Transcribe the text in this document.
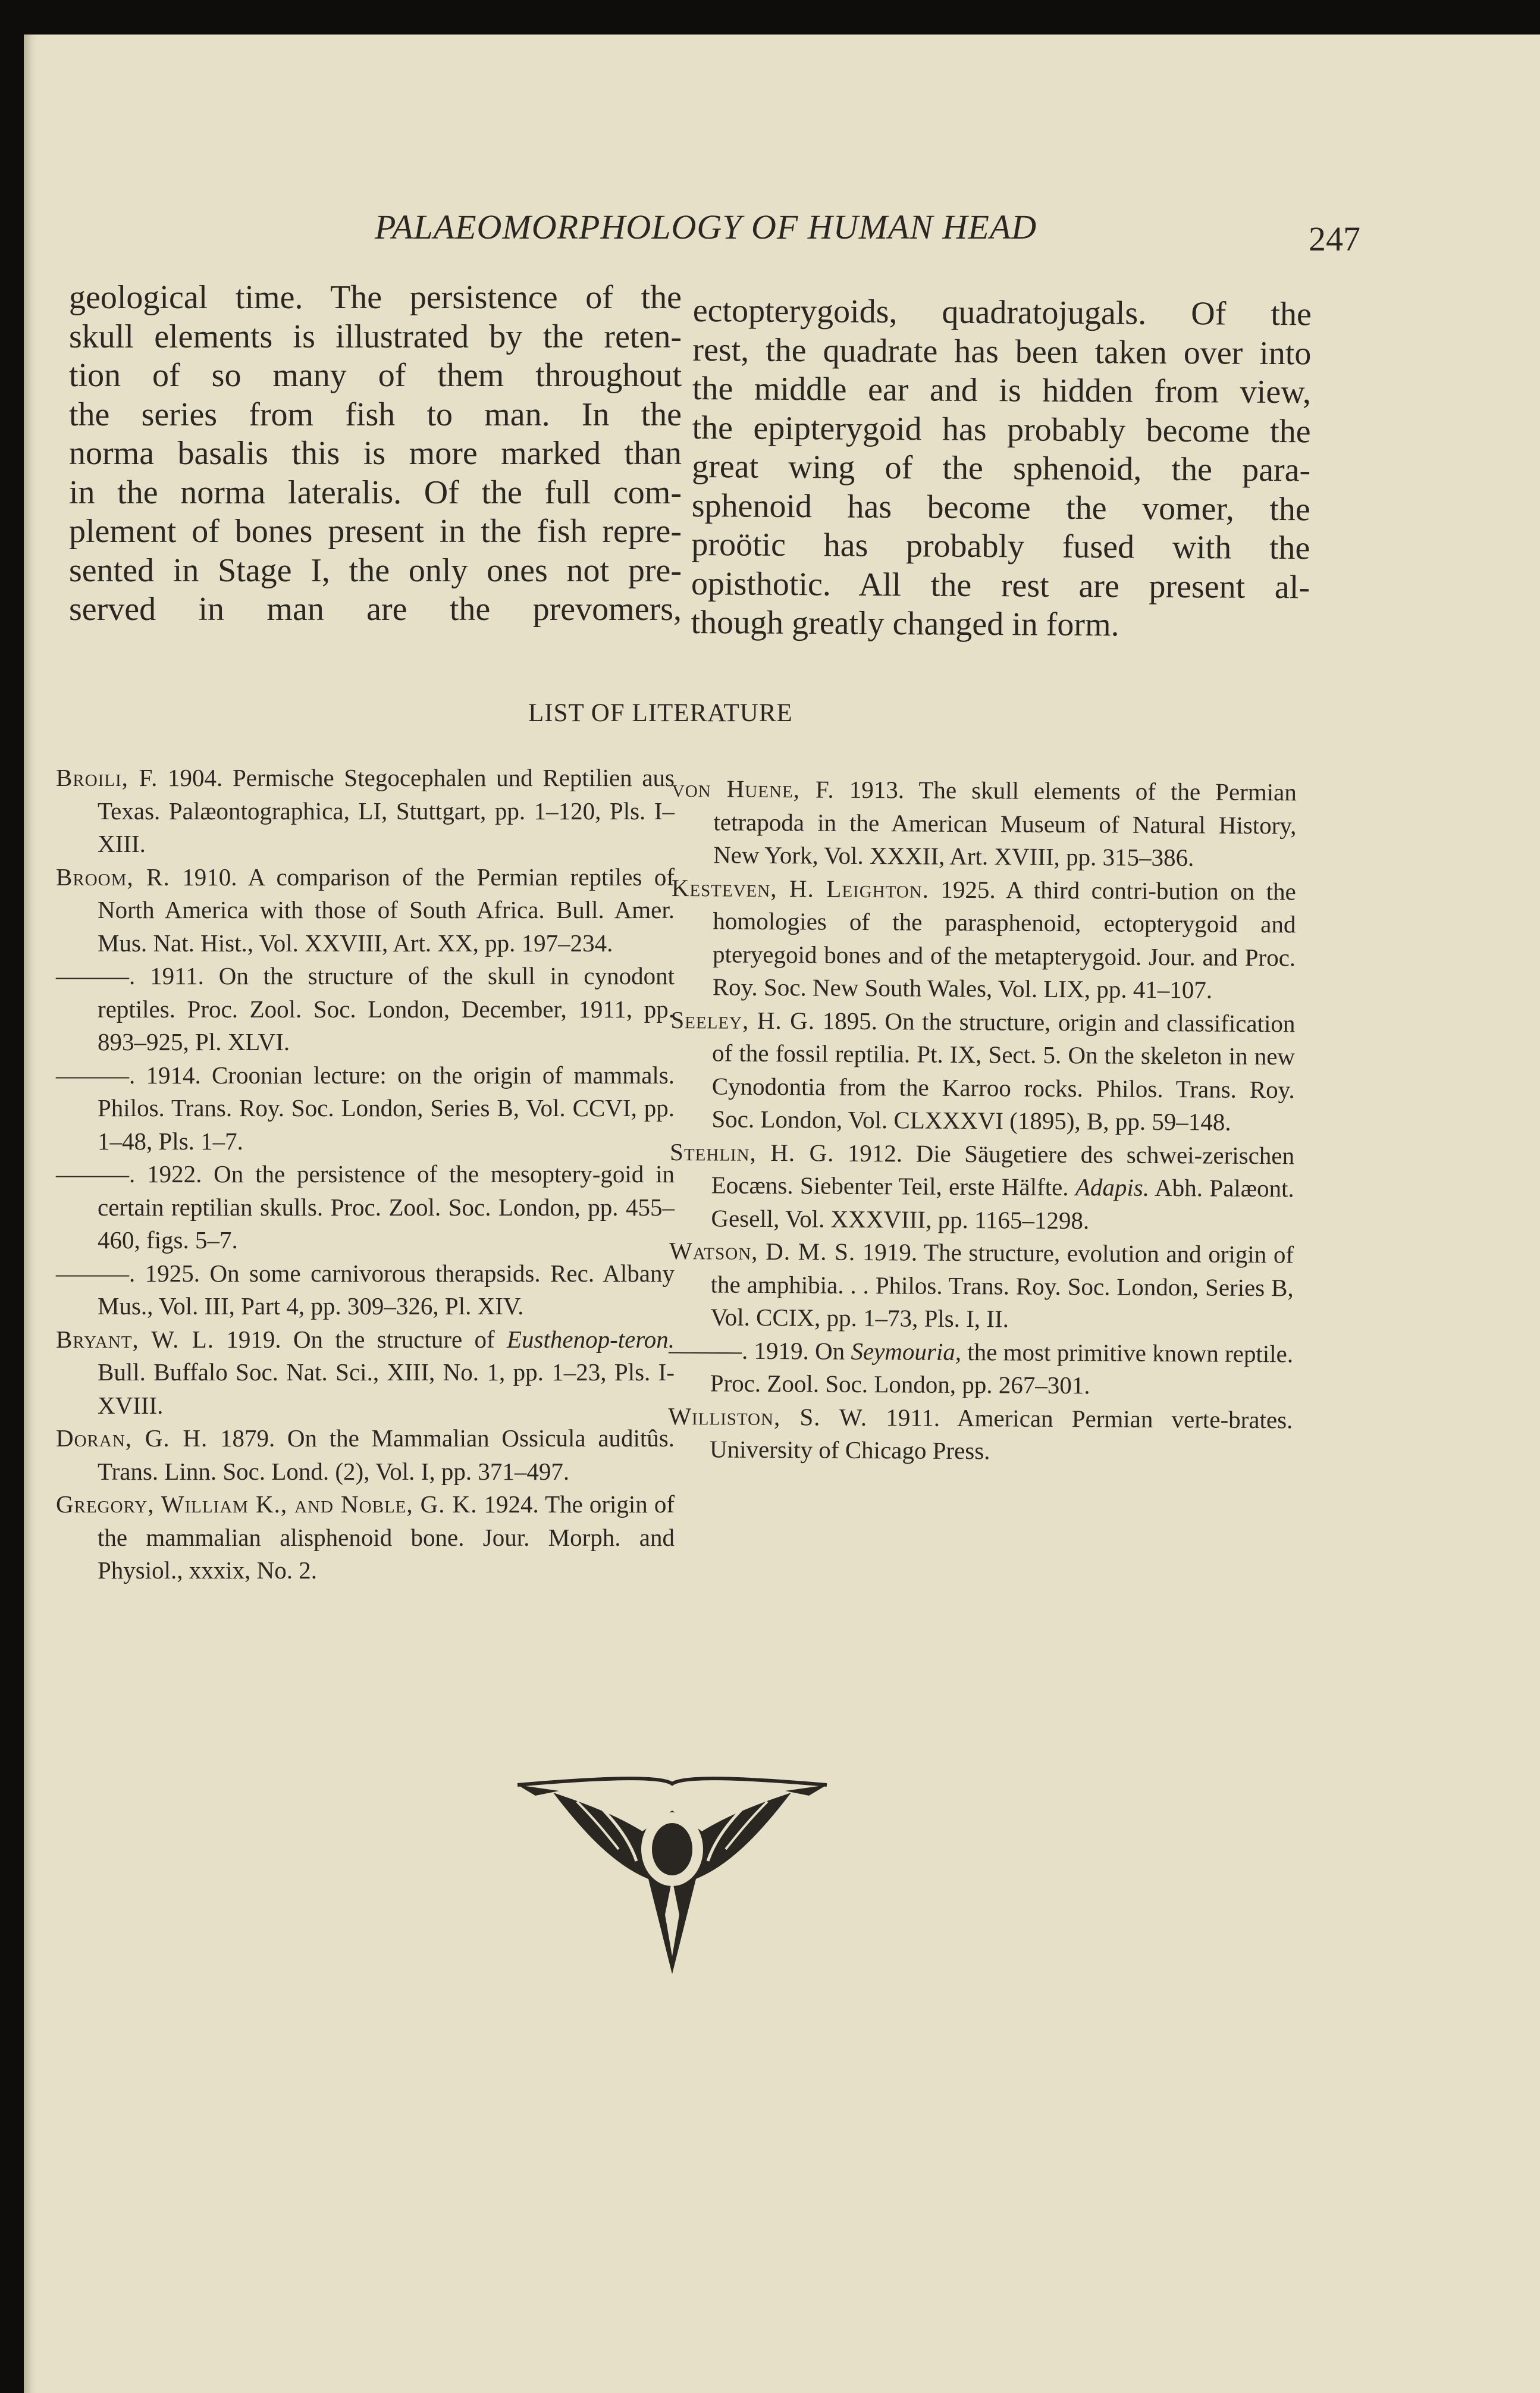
PALAEOMORPHOLOGY OF HUMAN HEAD	247

geological time. The persistence of the

skull elements is illustrated by the reten-

tion of so many of them throughout

the series from fish to man. In the

norma basalis this is more marked than

in the norma lateralis. Of the full com-

plement of bones present in the fish repre-

sented in Stage I, the only ones not pre-

served in man are the prevomers,

ectopterygoids, quadratojugals. Of the

rest, the quadrate has been taken over into

the middle ear and is hidden from view,

the epipterygoid has probably become the

great wing of the sphenoid, the para-

sphenoid has become the vomer, the

proötic has probably fused with the

opisthotic. All the rest are present al-

though greatly changed in form.

LIST OF LITERATURE
Broili, F. 1904. Permische Stegocephalen und Reptilien aus Texas. Palæontographica, LI, Stuttgart, pp. 1–120, Pls. I–XIII.
Broom, R. 1910. A comparison of the Permian reptiles of North America with those of South Africa. Bull. Amer. Mus. Nat. Hist., Vol. XXVIII, Art. XX, pp. 197–234.
———. 1911. On the structure of the skull in cynodont reptiles. Proc. Zool. Soc. London, December, 1911, pp. 893–925, Pl. XLVI.
———. 1914. Croonian lecture: on the origin of mammals. Philos. Trans. Roy. Soc. London, Series B, Vol. CCVI, pp. 1–48, Pls. 1–7.
———. 1922. On the persistence of the mesoptery-goid in certain reptilian skulls. Proc. Zool. Soc. London, pp. 455–460, figs. 5–7.
———. 1925. On some carnivorous therapsids. Rec. Albany Mus., Vol. III, Part 4, pp. 309–326, Pl. XIV.
Bryant, W. L. 1919. On the structure of Eusthenop-teron. Bull. Buffalo Soc. Nat. Sci., XIII, No. 1, pp. 1–23, Pls. I-XVIII.
Doran, G. H. 1879. On the Mammalian Ossicula auditûs. Trans. Linn. Soc. Lond. (2), Vol. I, pp. 371–497.
Gregory, William K., and Noble, G. K. 1924. The origin of the mammalian alisphenoid bone. Jour. Morph. and Physiol., xxxix, No. 2.
von Huene, F. 1913. The skull elements of the Permian tetrapoda in the American Museum of Natural History, New York, Vol. XXXII, Art. XVIII, pp. 315–386.
Kesteven, H. Leighton. 1925. A third contri-bution on the homologies of the parasphenoid, ectopterygoid and pteryegoid bones and of the metapterygoid. Jour. and Proc. Roy. Soc. New South Wales, Vol. LIX, pp. 41–107.
Seeley, H. G. 1895. On the structure, origin and classification of the fossil reptilia. Pt. IX, Sect. 5. On the skeleton in new Cynodontia from the Karroo rocks. Philos. Trans. Roy. Soc. London, Vol. CLXXXVI (1895), B, pp. 59–148.
Stehlin, H. G. 1912. Die Säugetiere des schwei-zerischen Eocæns. Siebenter Teil, erste Hälfte. Adapis. Abh. Palæont. Gesell, Vol. XXXVIII, pp. 1165–1298.
Watson, D. M. S. 1919. The structure, evolution and origin of the amphibia. . . Philos. Trans. Roy. Soc. London, Series B, Vol. CCIX, pp. 1–73, Pls. I, II.
———. 1919. On Seymouria, the most primitive known reptile. Proc. Zool. Soc. London, pp. 267–301.
Williston, S. W. 1911. American Permian verte-brates. University of Chicago Press.
